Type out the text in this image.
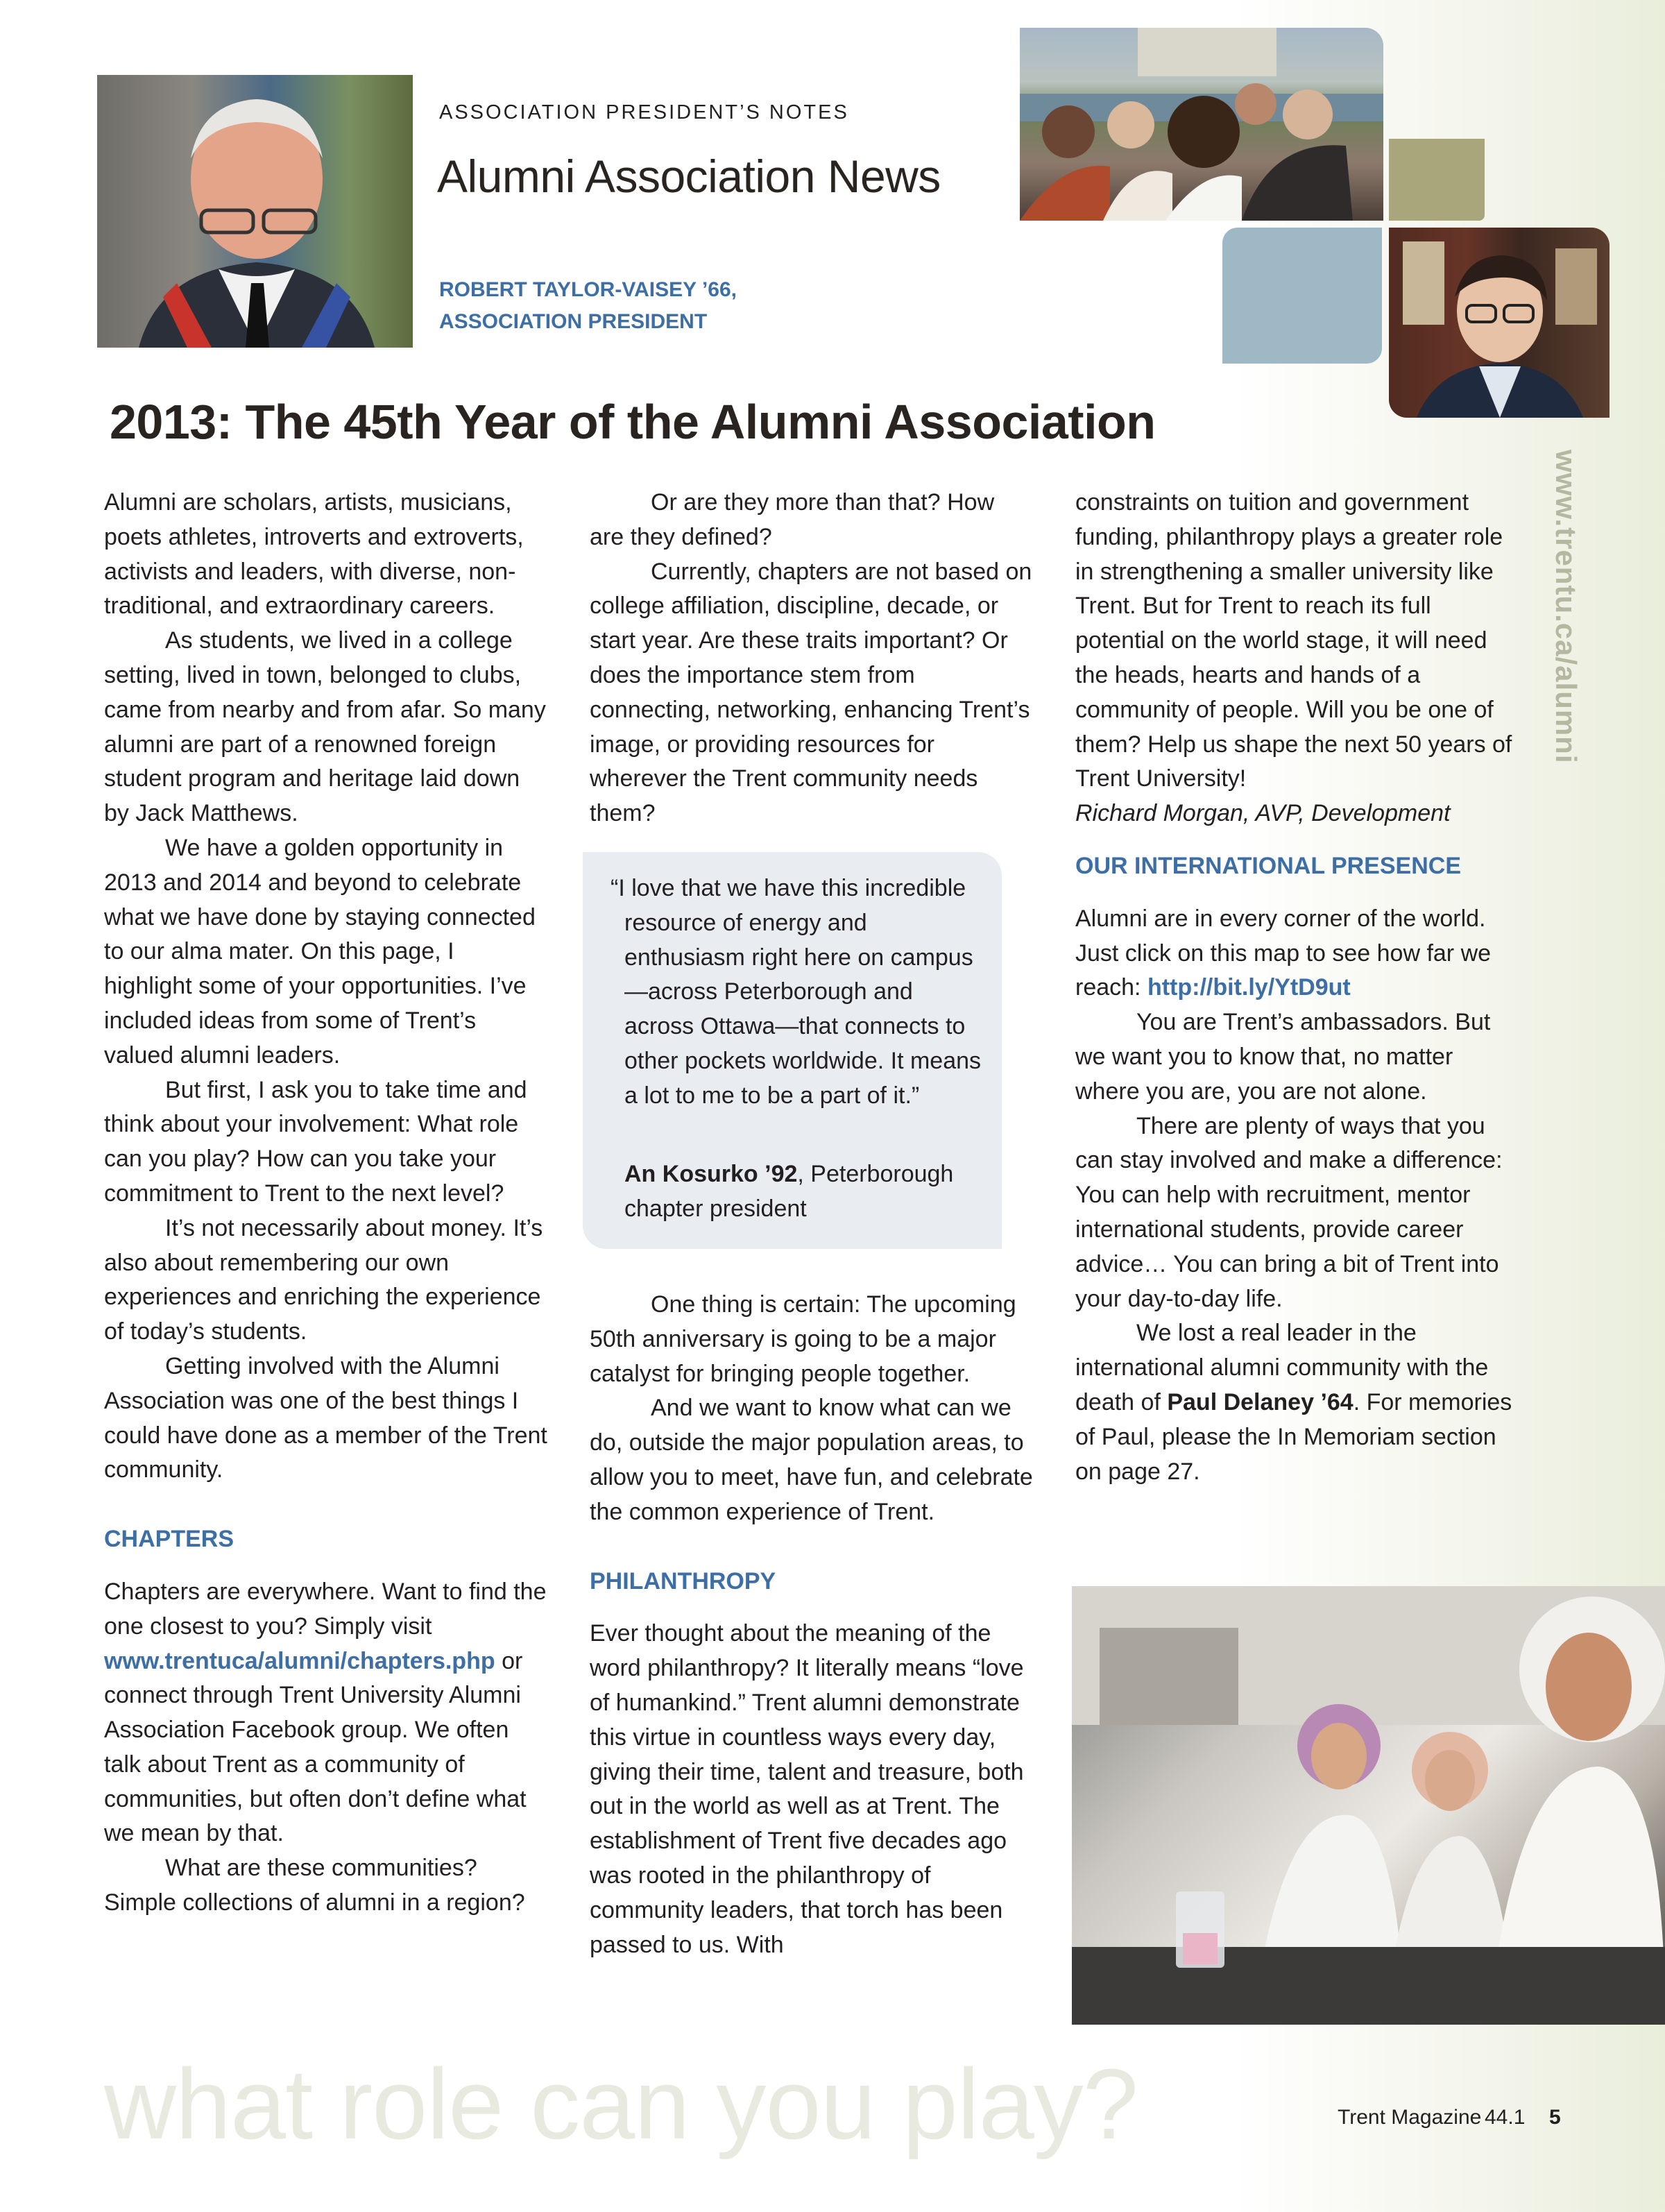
ASSOCIATION PRESIDENT’S NOTES
Alumni Association News
ROBERT TAYLOR-VAISEY ’66,
ASSOCIATION PRESIDENT
2013: The 45th Year of the Alumni Association
www.trentu.ca/alumni

Alumni are scholars, artists, musicians, poets athletes, introverts and extroverts, activists and leaders, with diverse, non-traditional, and extraordinary careers.

As students, we lived in a college setting, lived in town, belonged to clubs, came from nearby and from afar. So many alumni are part of a renowned foreign student program and heritage laid down by Jack Matthews.

We have a golden opportunity in 2013 and 2014 and beyond to celebrate what we have done by staying connected to our alma mater. On this page, I highlight some of your opportunities. I’ve included ideas from some of Trent’s valued alumni leaders.

But first, I ask you to take time and think about your involvement: What role can you play? How can you take your commitment to Trent to the next level?

It’s not necessarily about money. It’s also about remembering our own experiences and enriching the experience of today’s students.

Getting involved with the Alumni Association was one of the best things I could have done as a member of the Trent community.

CHAPTERS

Chapters are everywhere. Want to find the one closest to you? Simply visit www.trentuca/alumni/chapters.php or connect through Trent University Alumni Association Facebook group. We often talk about Trent as a community of communities, but often don’t define what we mean by that.

What are these communities? Simple collections of alumni in a region?

Or are they more than that? How are they defined?

Currently, chapters are not based on college affiliation, discipline, decade, or start year. Are these traits important? Or does the importance stem from connecting, networking, enhancing Trent’s image, or providing resources for wherever the Trent community needs them?

One thing is certain: The upcoming 50th anniversary is going to be a major catalyst for bringing people together.

And we want to know what can we do, outside the major population areas, to allow you to meet, have fun, and celebrate the common experience of Trent.

PHILANTHROPY

Ever thought about the meaning of the word philanthropy? It literally means “love of humankind.” Trent alumni demonstrate this virtue in countless ways every day, giving their time, talent and treasure, both out in the world as well as at Trent. The establishment of Trent five decades ago was rooted in the philanthropy of community leaders, that torch has been passed to us. With

“I love that we have this incredible resource of energy and enthusiasm right here on campus—across Peterborough and across Ottawa—that connects to other pockets worldwide. It means a lot to me to be a part of it.”

An Kosurko ’92, Peterborough chapter president

constraints on tuition and government funding, philanthropy plays a greater role in strengthening a smaller university like Trent. But for Trent to reach its full potential on the world stage, it will need the heads, hearts and hands of a community of people. Will you be one of them? Help us shape the next 50 years of Trent University!

Richard Morgan, AVP, Development

OUR INTERNATIONAL PRESENCE

Alumni are in every corner of the world. Just click on this map to see how far we reach: http://bit.ly/YtD9ut

You are Trent’s ambassadors. But we want you to know that, no matter where you are, you are not alone.

There are plenty of ways that you can stay involved and make a difference: You can help with recruitment, mentor international students, provide career advice… You can bring a bit of Trent into your day-to-day life.

We lost a real leader in the international alumni community with the death of Paul Delaney ’64. For memories of Paul, please the In Memoriam section on page 27.

what role can you play?	Trent Magazine 44.1 5
